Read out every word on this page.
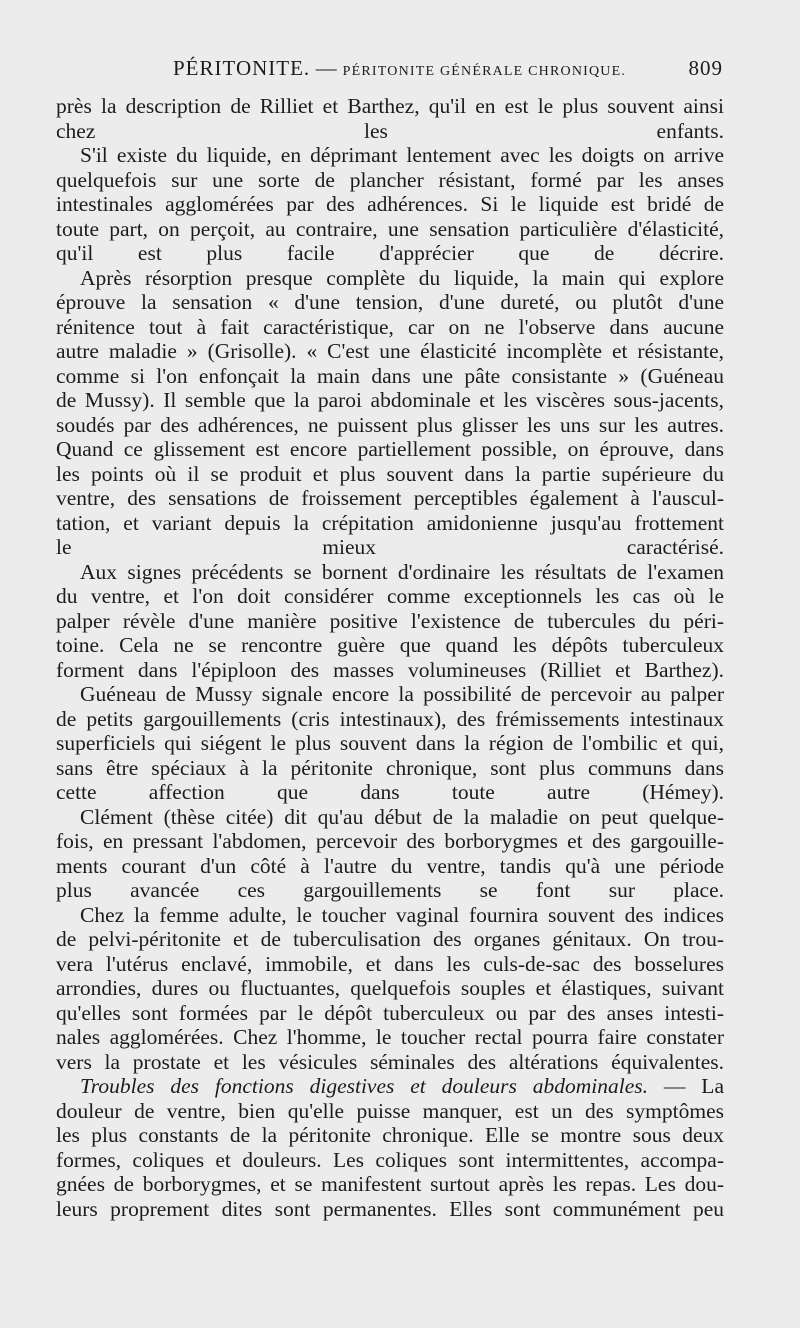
PÉRITONITE. — PÉRITONITE GÉNÉRALE CHRONIQUE.	809

près la description de Rilliet et Barthez, qu'il en est le plus souvent ainsi
chez les enfants.

S'il existe du liquide, en déprimant lentement avec les doigts on arrive
quelquefois sur une sorte de plancher résistant, formé par les anses
intestinales agglomérées par des adhérences. Si le liquide est bridé de
toute part, on perçoit, au contraire, une sensation particulière d'élasticité,
qu'il est plus facile d'apprécier que de décrire.

Après résorption presque complète du liquide, la main qui explore
éprouve la sensation « d'une tension, d'une dureté, ou plutôt d'une
rénitence tout à fait caractéristique, car on ne l'observe dans aucune
autre maladie » (Grisolle). « C'est une élasticité incomplète et résistante,
comme si l'on enfonçait la main dans une pâte consistante » (Guéneau
de Mussy). Il semble que la paroi abdominale et les viscères sous-jacents,
soudés par des adhérences, ne puissent plus glisser les uns sur les autres.
Quand ce glissement est encore partiellement possible, on éprouve, dans
les points où il se produit et plus souvent dans la partie supérieure du
ventre, des sensations de froissement perceptibles également à l'auscul-
tation, et variant depuis la crépitation amidonienne jusqu'au frottement
le mieux caractérisé.

Aux signes précédents se bornent d'ordinaire les résultats de l'examen
du ventre, et l'on doit considérer comme exceptionnels les cas où le
palper révèle d'une manière positive l'existence de tubercules du péri-
toine. Cela ne se rencontre guère que quand les dépôts tuberculeux
forment dans l'épiploon des masses volumineuses (Rilliet et Barthez).

Guéneau de Mussy signale encore la possibilité de percevoir au palper
de petits gargouillements (cris intestinaux), des frémissements intestinaux
superficiels qui siégent le plus souvent dans la région de l'ombilic et qui,
sans être spéciaux à la péritonite chronique, sont plus communs dans
cette affection que dans toute autre (Hémey).

Clément (thèse citée) dit qu'au début de la maladie on peut quelque-
fois, en pressant l'abdomen, percevoir des borborygmes et des gargouille-
ments courant d'un côté à l'autre du ventre, tandis qu'à une période
plus avancée ces gargouillements se font sur place.

Chez la femme adulte, le toucher vaginal fournira souvent des indices
de pelvi-péritonite et de tuberculisation des organes génitaux. On trou-
vera l'utérus enclavé, immobile, et dans les culs-de-sac des bosselures
arrondies, dures ou fluctuantes, quelquefois souples et élastiques, suivant
qu'elles sont formées par le dépôt tuberculeux ou par des anses intesti-
nales agglomérées. Chez l'homme, le toucher rectal pourra faire constater
vers la prostate et les vésicules séminales des altérations équivalentes.

Troubles des fonctions digestives et douleurs abdominales. — La
douleur de ventre, bien qu'elle puisse manquer, est un des symptômes
les plus constants de la péritonite chronique. Elle se montre sous deux
formes, coliques et douleurs. Les coliques sont intermittentes, accompa-
gnées de borborygmes, et se manifestent surtout après les repas. Les dou-
leurs proprement dites sont permanentes. Elles sont communément peu
